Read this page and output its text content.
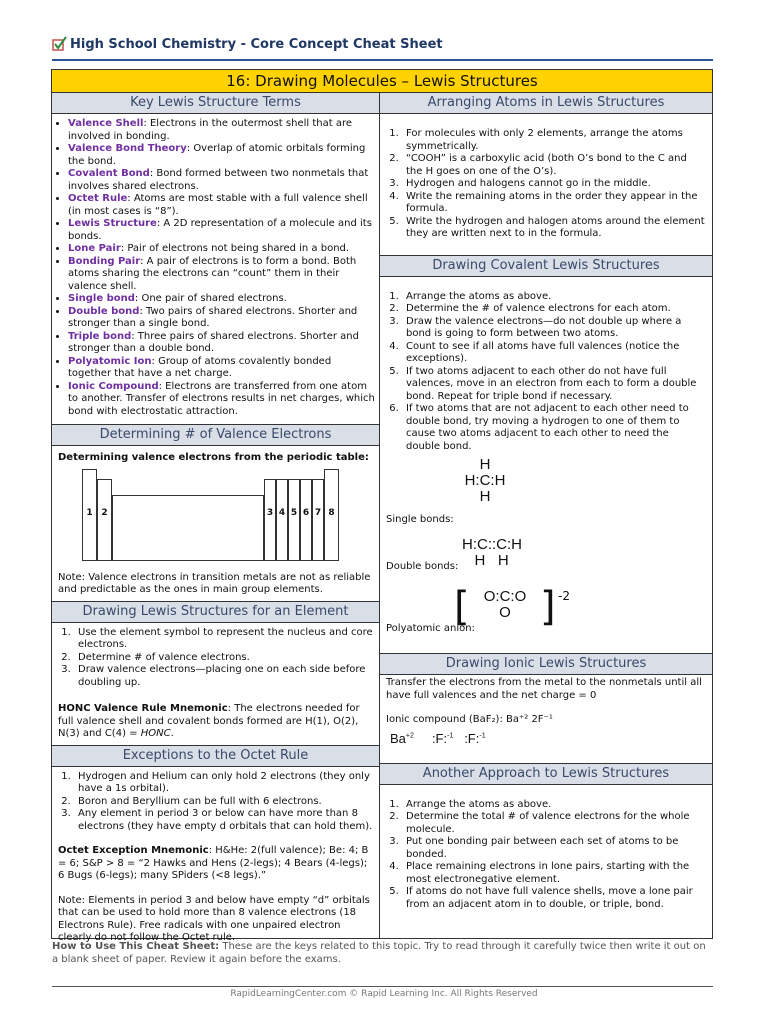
High School Chemistry - Core Concept Cheat Sheet
16: Drawing Molecules – Lewis Structures
Key Lewis Structure Terms
• Valence Shell: Electrons in the outermost shell that are involved in bonding.
• Valence Bond Theory: Overlap of atomic orbitals forming the bond.
• Covalent Bond: Bond formed between two nonmetals that involves shared electrons.
• Octet Rule: Atoms are most stable with a full valence shell (in most cases is “8”).
• Lewis Structure: A 2D representation of a molecule and its bonds.
• Lone Pair: Pair of electrons not being shared in a bond.
• Bonding Pair: A pair of electrons is to form a bond. Both atoms sharing the electrons can “count” them in their valence shell.
• Single bond: One pair of shared electrons.
• Double bond: Two pairs of shared electrons. Shorter and stronger than a single bond.
• Triple bond: Three pairs of shared electrons. Shorter and stronger than a double bond.
• Polyatomic Ion: Group of atoms covalently bonded together that have a net charge.
• Ionic Compound: Electrons are transferred from one atom to another. Transfer of electrons results in net charges, which bond with electrostatic attraction.
Determining # of Valence Electrons
Determining valence electrons from the periodic table:
1 2	3 4 5 6 7 8
Note: Valence electrons in transition metals are not as reliable and predictable as the ones in main group elements.
Drawing Lewis Structures for an Element
1. Use the element symbol to represent the nucleus and core electrons.
2. Determine # of valence electrons.
3. Draw valence electrons—placing one on each side before doubling up.
HONC Valence Rule Mnemonic: The electrons needed for full valence shell and covalent bonds formed are H(1), O(2), N(3) and C(4) = HONC.
Exceptions to the Octet Rule
1. Hydrogen and Helium can only hold 2 electrons (they only have a 1s orbital).
2. Boron and Beryllium can be full with 6 electrons.
3. Any element in period 3 or below can have more than 8 electrons (they have empty d orbitals that can hold them).
Octet Exception Mnemonic: H&He: 2(full valence); Be: 4; B = 6; S&P > 8 = “2 Hawks and Hens (2-legs); 4 Bears (4-legs); 6 Bugs (6-legs); many SPiders (<8 legs).”
Note: Elements in period 3 and below have empty “d” orbitals that can be used to hold more than 8 valence electrons (18 Electrons Rule). Free radicals with one unpaired electron clearly do not follow the Octet rule.
Arranging Atoms in Lewis Structures
1. For molecules with only 2 elements, arrange the atoms symmetrically.
2. “COOH” is a carboxylic acid (both O’s bond to the C and the H goes on one of the O’s).
3. Hydrogen and halogens cannot go in the middle.
4. Write the remaining atoms in the order they appear in the formula.
5. Write the hydrogen and halogen atoms around the element they are written next to in the formula.
Drawing Covalent Lewis Structures
1. Arrange the atoms as above.
2. Determine the # of valence electrons for each atom.
3. Draw the valence electrons—do not double up where a bond is going to form between two atoms.
4. Count to see if all atoms have full valences (notice the exceptions).
5. If two atoms adjacent to each other do not have full valences, move in an electron from each to form a double bond. Repeat for triple bond if necessary.
6. If two atoms that are not adjacent to each other need to double bond, try moving a hydrogen to one of them to cause two atoms adjacent to each other to need the double bond.
Single bonds:
H
H:C:H
H
Double bonds:
H:C::C:H
H   H
Polyatomic anion:
[ O:C:O
O ] -2
Drawing Ionic Lewis Structures
Transfer the electrons from the metal to the nonmetals until all have full valences and the net charge = 0
Ionic compound (BaF₂): Ba⁺² 2F⁻¹
$Ba^{+2}$     :F:$^{-1}$   :F:$^{-1}$
Another Approach to Lewis Structures
1. Arrange the atoms as above.
2. Determine the total # of valence electrons for the whole molecule.
3. Put one bonding pair between each set of atoms to be bonded.
4. Place remaining electrons in lone pairs, starting with the most electronegative element.
5. If atoms do not have full valence shells, move a lone pair from an adjacent atom in to double, or triple, bond.
How to Use This Cheat Sheet: These are the keys related to this topic. Try to read through it carefully twice then write it out on a blank sheet of paper. Review it again before the exams.
RapidLearningCenter.com © Rapid Learning Inc. All Rights Reserved
